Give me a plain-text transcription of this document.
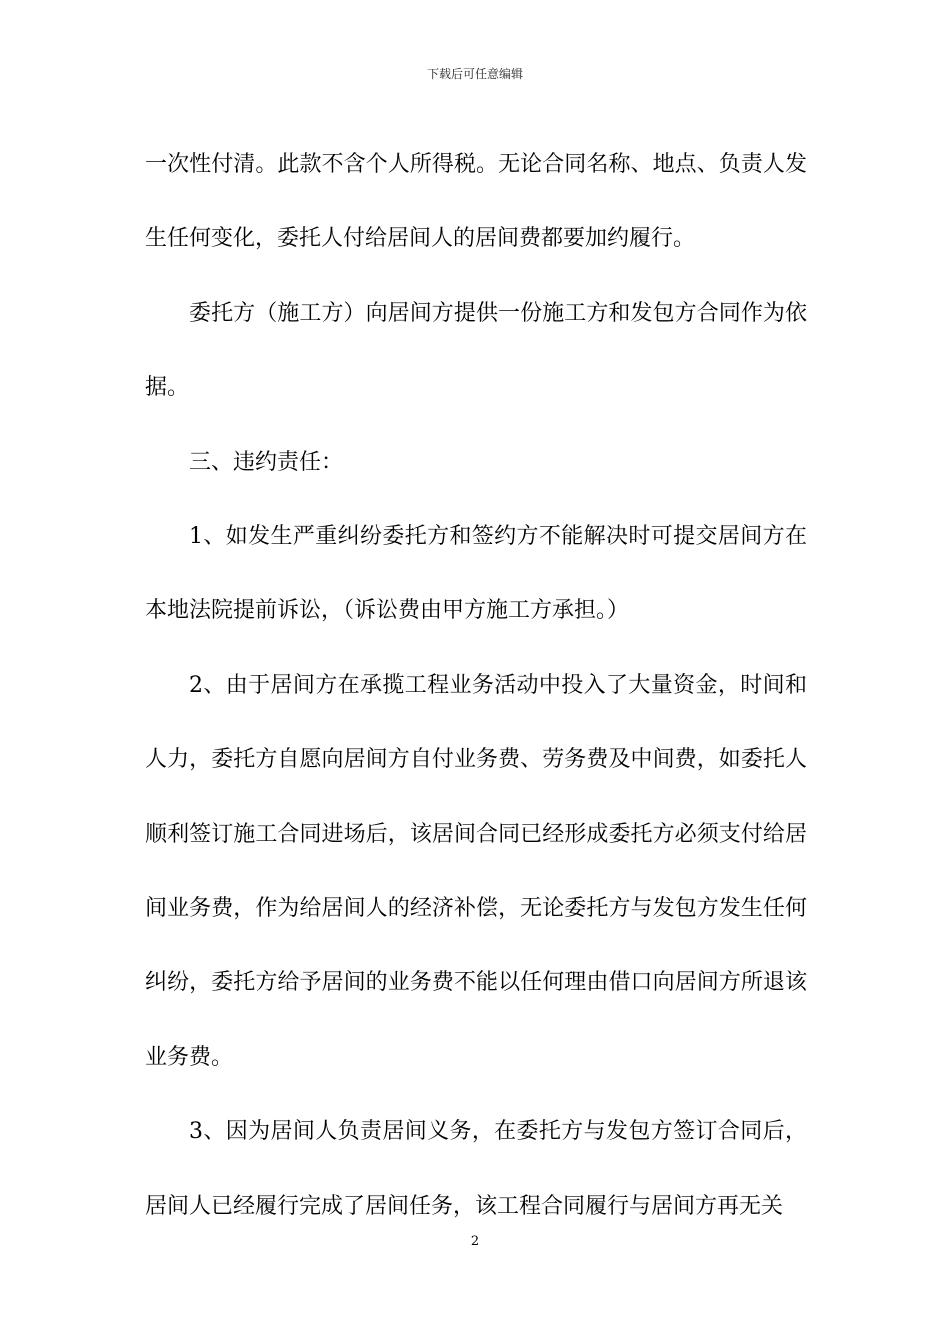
下载后可任意编辑

一次性付清。此款不含个人所得税。无论合同名称、地点、负责人发生任何变化，委托人付给居间人的居间费都要加约履行。

委托方（施工方）向居间方提供一份施工方和发包方合同作为依据。

三、违约责任：

1、如发生严重纠纷委托方和签约方不能解决时可提交居间方在本地法院提前诉讼，（诉讼费由甲方施工方承担。）

2、由于居间方在承揽工程业务活动中投入了大量资金，时间和人力，委托方自愿向居间方自付业务费、劳务费及中间费，如委托人顺利签订施工合同进场后，该居间合同已经形成委托方必须支付给居间业务费，作为给居间人的经济补偿，无论委托方与发包方发生任何纠纷，委托方给予居间的业务费不能以任何理由借口向居间方所退该业务费。

3、因为居间人负责居间义务，在委托方与发包方签订合同后，居间人已经履行完成了居间任务，该工程合同履行与居间方再无关

2
